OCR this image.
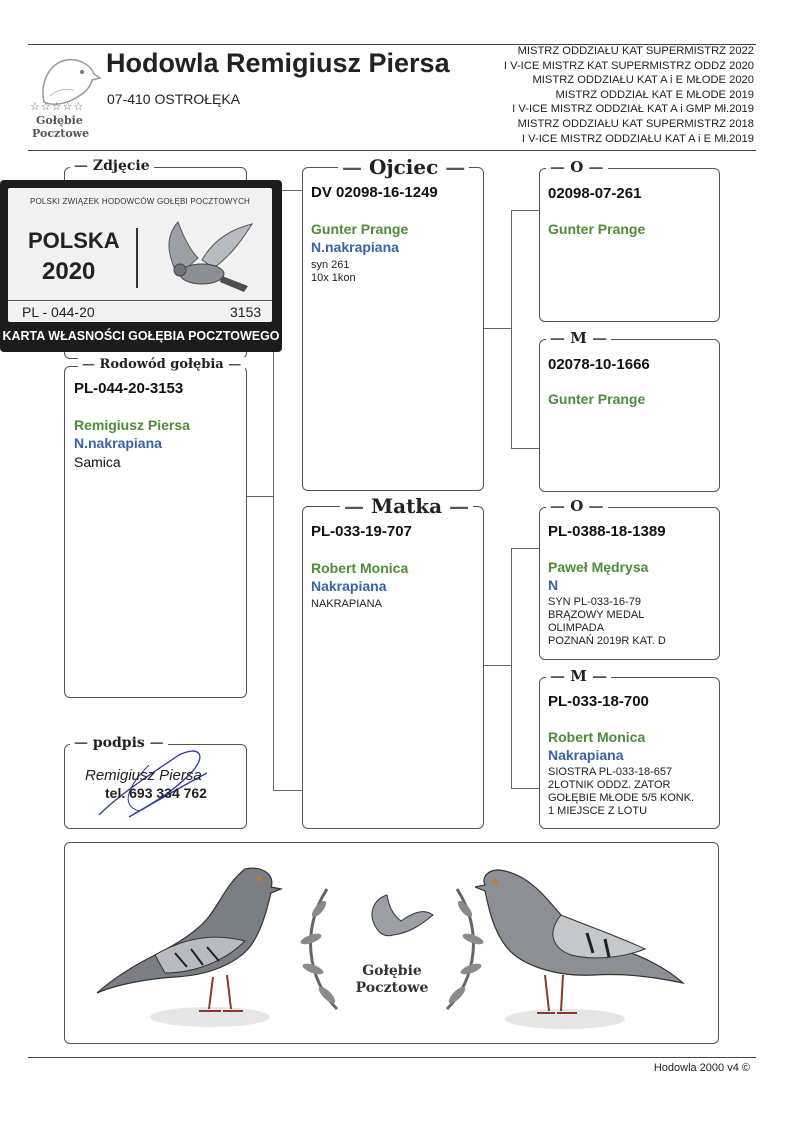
☆☆☆☆☆
Gołębie
Pocztowe
Hodowla Remigiusz Piersa
07-410 OSTROŁĘKA
MISTRZ ODDZIAŁU KAT SUPERMISTRZ 2022
I V-ICE MISTRZ KAT SUPERMISTRZ ODDZ 2020
MISTRZ ODDZIAŁU KAT A i E MŁODE 2020
MISTRZ ODDZIAŁ KAT E MŁODE 2019
I V-ICE MISTRZ ODDZIAŁ KAT A i GMP Mł.2019
MISTRZ ODDZIAŁU KAT SUPERMISTRZ 2018
I V-ICE MISTRZ ODDZIAŁU KAT A i E Mł.2019
— Zdjęcie
POLSKI ZWIĄZEK HODOWCÓW GOŁĘBI POCZTOWYCH
POLSKA
2020
PL - 044-20	3153
KARTA WŁASNOŚCI GOŁĘBIA POCZTOWEGO
PL-044-20-3153
Remigiusz Piersa
N.nakrapiana
Samica
— Rodowód gołębia —
Remigiusz Piersa
tel. 693 334 762
— podpis —
DV 02098-16-1249
Gunter Prange
N.nakrapiana
syn 261
10x 1kon
— Ojciec —
PL-033-19-707
Robert Monica
Nakrapiana
NAKRAPIANA
— Matka —
02098-07-261
Gunter Prange
— O —
02078-10-1666
Gunter Prange
— M —
PL-0388-18-1389
Paweł Mędrysa
N
SYN PL-033-16-79
BRĄZOWY MEDAL
OLIMPADA
POZNAŃ 2019R KAT. D
— O —
PL-033-18-700
Robert Monica
Nakrapiana
SIOSTRA PL-033-18-657
2LOTNIK ODDZ. ZATOR
GOŁĘBIE MŁODE 5/5 KONK.
1 MIEJSCE Z LOTU
— M —
Gołębie
Pocztowe
Hodowla 2000 v4 ©
